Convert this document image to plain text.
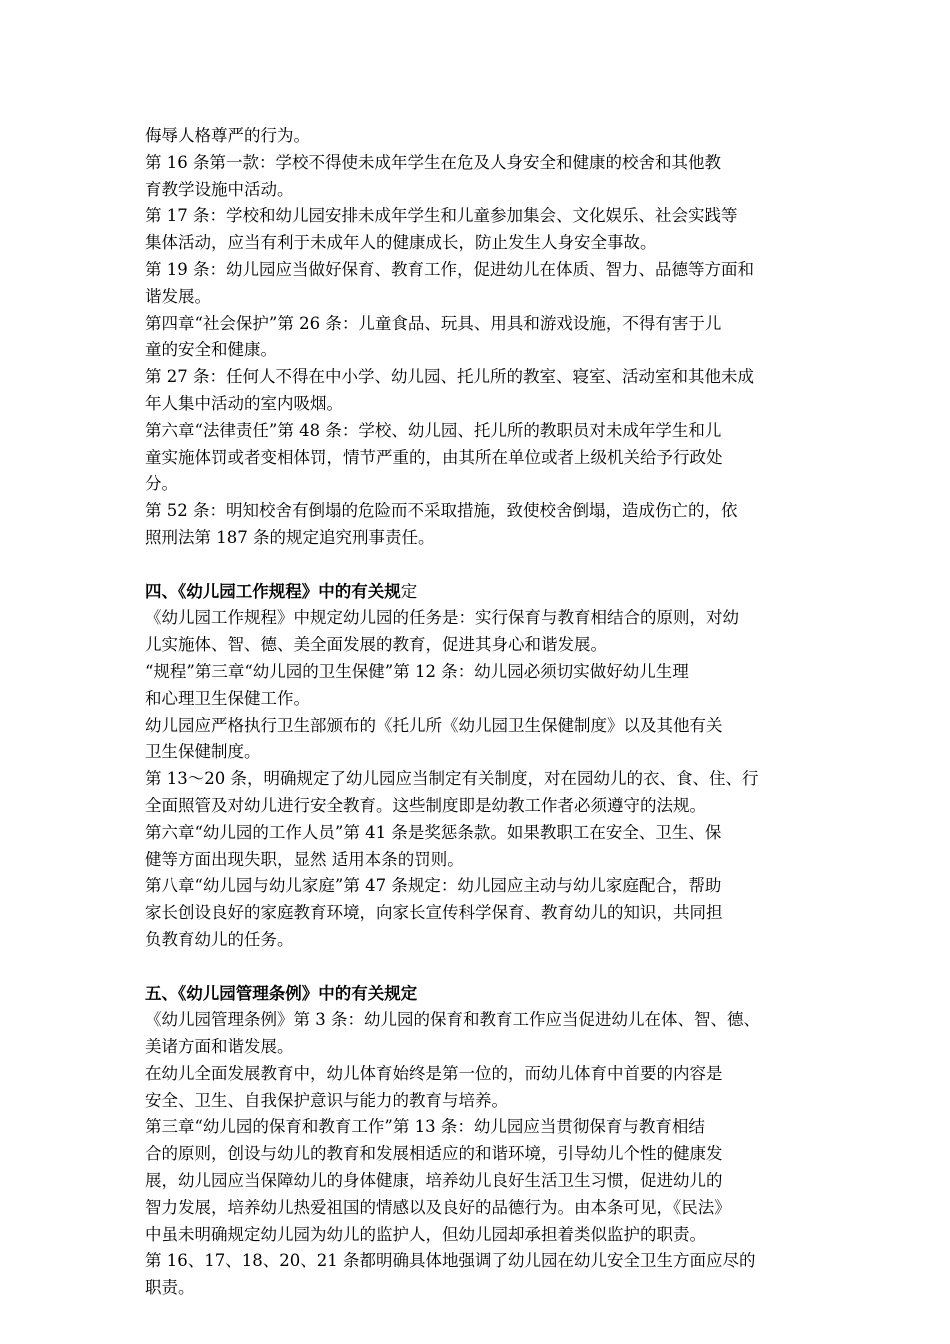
侮辱人格尊严的行为。
第 16 条第一款：学校不得使未成年学生在危及人身安全和健康的校舍和其他教
育教学设施中活动。
第 17 条：学校和幼儿园安排未成年学生和儿童参加集会、文化娱乐、社会实践等
集体活动，应当有利于未成年人的健康成长，防止发生人身安全事故。
第 19 条：幼儿园应当做好保育、教育工作，促进幼儿在体质、智力、品德等方面和
谐发展。
第四章“社会保护”第 26 条：儿童食品、玩具、用具和游戏设施，不得有害于儿
童的安全和健康。
第 27 条：任何人不得在中小学、幼儿园、托儿所的教室、寝室、活动室和其他未成
年人集中活动的室内吸烟。
第六章“法律责任”第 48 条：学校、幼儿园、托儿所的教职员对未成年学生和儿
童实施体罚或者变相体罚，情节严重的，由其所在单位或者上级机关给予行政处
分。
第 52 条：明知校舍有倒塌的危险而不采取措施，致使校舍倒塌，造成伤亡的，依
照刑法第 187 条的规定追究刑事责任。
四、《幼儿园工作规程》中的有关规定
《幼儿园工作规程》中规定幼儿园的任务是：实行保育与教育相结合的原则，对幼
儿实施体、智、德、美全面发展的教育，促进其身心和谐发展。
“规程”第三章“幼儿园的卫生保健”第 12 条：幼儿园必须切实做好幼儿生理
和心理卫生保健工作。
幼儿园应严格执行卫生部颁布的《托儿所《幼儿园卫生保健制度》以及其他有关
卫生保健制度。
第 13～20 条，明确规定了幼儿园应当制定有关制度，对在园幼儿的衣、食、住、行
全面照管及对幼儿进行安全教育。这些制度即是幼教工作者必须遵守的法规。
第六章“幼儿园的工作人员”第 41 条是奖惩条款。如果教职工在安全、卫生、保
健等方面出现失职，显然 适用本条的罚则。
第八章“幼儿园与幼儿家庭”第 47 条规定：幼儿园应主动与幼儿家庭配合，帮助
家长创设良好的家庭教育环境，向家长宣传科学保育、教育幼儿的知识，共同担
负教育幼儿的任务。
五、《幼儿园管理条例》中的有关规定
《幼儿园管理条例》第 3 条：幼儿园的保育和教育工作应当促进幼儿在体、智、德、
美诸方面和谐发展。
在幼儿全面发展教育中，幼儿体育始终是第一位的，而幼儿体育中首要的内容是
安全、卫生、自我保护意识与能力的教育与培养。
第三章“幼儿园的保育和教育工作”第 13 条：幼儿园应当贯彻保育与教育相结
合的原则，创设与幼儿的教育和发展相适应的和谐环境，引导幼儿个性的健康发
展，幼儿园应当保障幼儿的身体健康，培养幼儿良好生活卫生习惯，促进幼儿的
智力发展，培养幼儿热爱祖国的情感以及良好的品德行为。由本条可见，《民法》
中虽未明确规定幼儿园为幼儿的监护人，但幼儿园却承担着类似监护的职责。
第 16、17、18、20、21 条都明确具体地强调了幼儿园在幼儿安全卫生方面应尽的
职责。
